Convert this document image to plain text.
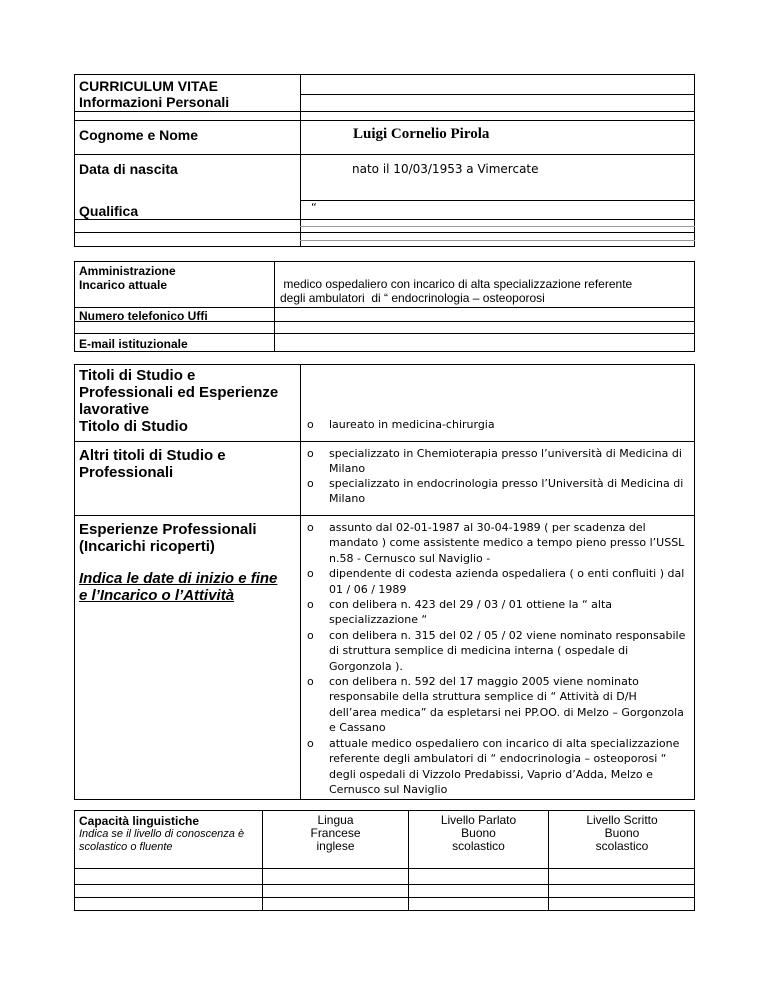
CURRICULUM VITAE
Informazioni Personali
Cognome e Nome	Luigi Cornelio Pirola
Data di nascita	nato il 10/03/1953 a Vimercate
Qualifica	“
Amministrazione
Incarico attuale	medico ospedaliero con incarico di alta specializzazione referente
degli ambulatori  di “ endocrinologia – osteoporosi
Numero telefonico Uffi
E-mail istituzionale
Titoli di Studio e Professionali ed Esperienze lavorative
Titolo di Studio
o	laureato in medicina-chirurgia
Altri titoli di Studio e Professionali
o specializzato in Chemioterapia presso l’università di Medicina di Milano
o specializzato in endocrinologia presso l’Università di Medicina di Milano
Esperienze Professionali (Incarichi ricoperti)
Indica le date di inizio e fine e l’Incarico o l’Attività
o assunto dal 02-01-1987 al 30-04-1989 ( per scadenza del mandato ) come assistente medico a tempo pieno presso l’USSL n.58 - Cernusco sul Naviglio -
o dipendente di codesta azienda ospedaliera ( o enti confluiti ) dal 01 / 06 / 1989
o con delibera n. 423 del 29 / 03 / 01 ottiene la “ alta specializzazione “
o con delibera n. 315 del 02 / 05 / 02 viene nominato responsabile di struttura semplice di medicina interna ( ospedale di Gorgonzola ).
o con delibera n. 592 del 17 maggio 2005 viene nominato responsabile della struttura semplice di “ Attività di D/H dell’area medica” da espletarsi nei PP.OO. di Melzo – Gorgonzola e Cassano
o attuale medico ospedaliero con incarico di alta specializzazione referente degli ambulatori di “ endocrinologia – osteoporosi “ degli ospedali di Vizzolo Predabissi, Vaprio d’Adda, Melzo e Cernusco sul Naviglio
Capacità linguistiche
Indica se il livello di conoscenza è scolastico o fluente
Lingua
Francese
inglese
Livello Parlato
Buono
scolastico
Livello Scritto
Buono
scolastico
